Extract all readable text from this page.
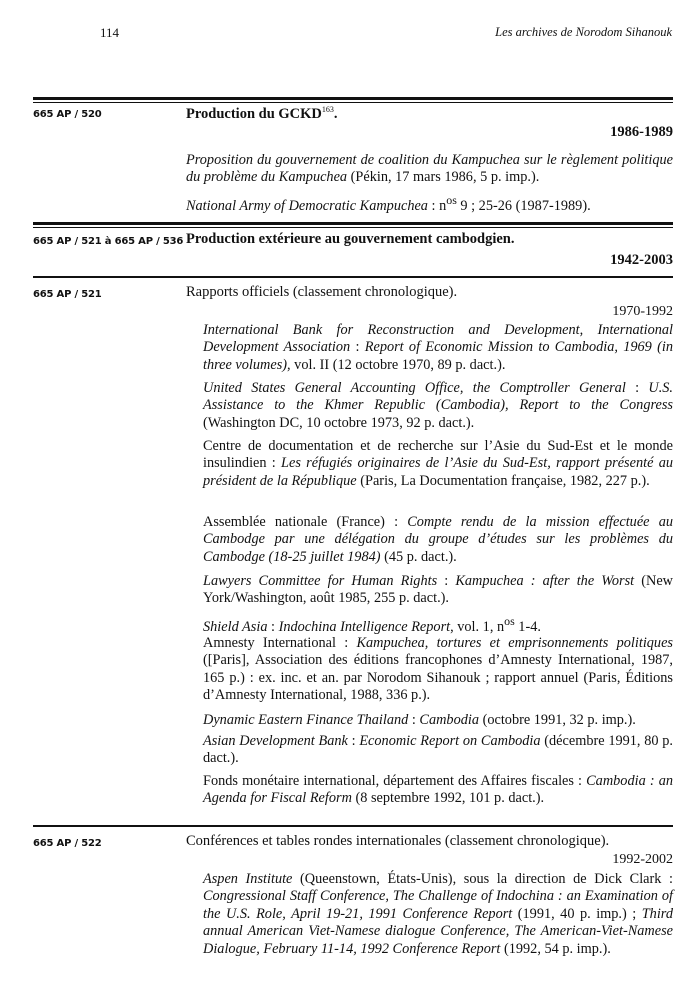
114	Les archives de Norodom Sihanouk
665 AP / 520	Production du GCKD$^{163}$.
1986-1989
Proposition du gouvernement de coalition du Kampuchea sur le règlement politique du problème du Kampuchea (Pékin, 17 mars 1986, 5 p. imp.).
National Army of Democratic Kampuchea : $n^{os}$ 9 ; 25-26 (1987-1989).
665 AP / 521 à 665 AP / 536 Production extérieure au gouvernement cambodgien.
1942-2003
665 AP / 521	Rapports officiels (classement chronologique).
1970-1992
International Bank for Reconstruction and Development, International Development Association : Report of Economic Mission to Cambodia, 1969 (in three volumes), vol. II (12 octobre 1970, 89 p. dact.).
United States General Accounting Office, the Comptroller General : U.S. Assistance to the Khmer Republic (Cambodia), Report to the Congress (Washington DC, 10 octobre 1973, 92 p. dact.).
Centre de documentation et de recherche sur l’Asie du Sud-Est et le monde insulindien : Les réfugiés originaires de l’Asie du Sud-Est, rapport présenté au président de la République (Paris, La Documentation française, 1982, 227 p.).
Assemblée nationale (France) : Compte rendu de la mission effectuée au Cambodge par une délégation du groupe d’études sur les problèmes du Cambodge (18-25 juillet 1984) (45 p. dact.).
Lawyers Committee for Human Rights : Kampuchea : after the Worst (New York/Washington, août 1985, 255 p. dact.).
Shield Asia : Indochina Intelligence Report, vol. 1, $n^{os}$ 1-4.
Amnesty International : Kampuchea, tortures et emprisonnements politiques ([Paris], Association des éditions francophones d’Amnesty International, 1987, 165 p.) : ex. inc. et an. par Norodom Sihanouk ; rapport annuel (Paris, Éditions d’Amnesty International, 1988, 336 p.).
Dynamic Eastern Finance Thailand : Cambodia (octobre 1991, 32 p. imp.).
Asian Development Bank : Economic Report on Cambodia (décembre 1991, 80 p. dact.).
Fonds monétaire international, département des Affaires fiscales : Cambodia : an Agenda for Fiscal Reform (8 septembre 1992, 101 p. dact.).
665 AP / 522	Conférences et tables rondes internationales (classement chronologique).
1992-2002
Aspen Institute (Queenstown, États-Unis), sous la direction de Dick Clark : Congressional Staff Conference, The Challenge of Indochina : an Examination of the U.S. Role, April 19-21, 1991 Conference Report (1991, 40 p. imp.) ; Third annual American Viet-Namese dialogue Conference, The American-Viet-Namese Dialogue, February 11-14, 1992 Conference Report (1992, 54 p. imp.).
